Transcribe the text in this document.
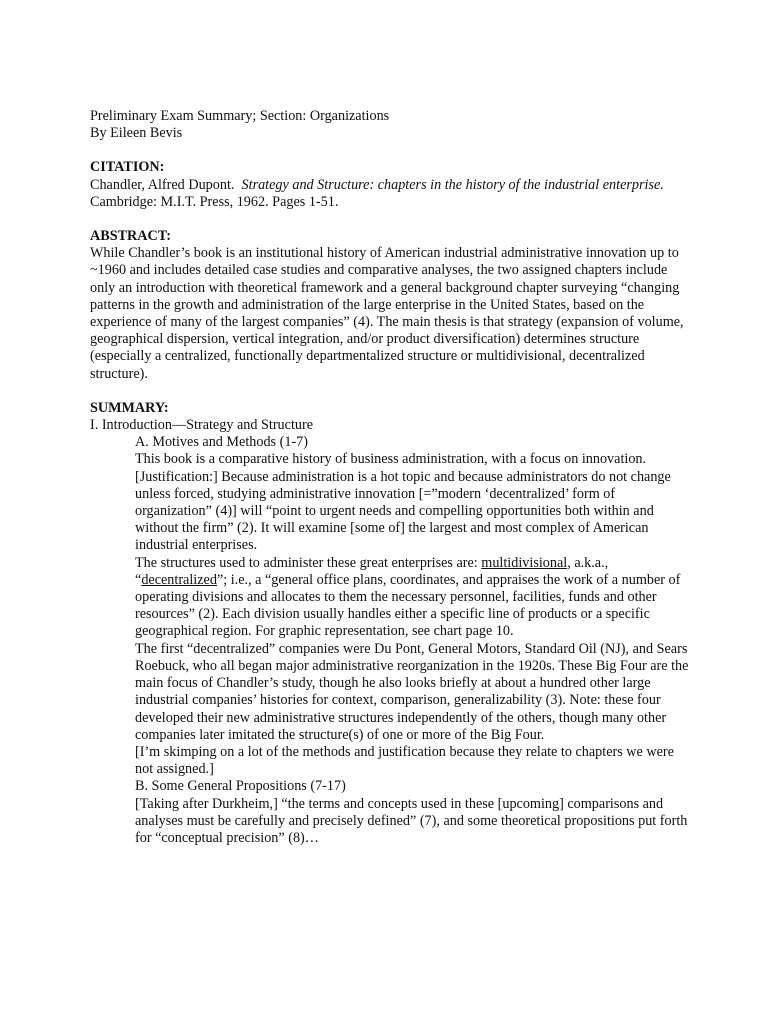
Preliminary Exam Summary; Section: Organizations

By Eileen Bevis

CITATION:

Chandler, Alfred Dupont. Strategy and Structure: chapters in the history of the industrial enterprise.  Cambridge: M.I.T. Press, 1962. Pages 1-51.

ABSTRACT:

While Chandler’s book is an institutional history of American industrial administrative innovation up to ~1960 and includes detailed case studies and comparative analyses, the two assigned chapters include only an introduction with theoretical framework and a general background chapter surveying “changing patterns in the growth and administration of the large enterprise in the United States, based on the experience of many of the largest companies” (4). The main thesis is that strategy (expansion of volume, geographical dispersion, vertical integration, and/or product diversification) determines structure (especially a centralized, functionally departmentalized structure or multidivisional, decentralized structure).

SUMMARY:

I. Introduction—Strategy and Structure

A. Motives and Methods (1-7)

This book is a comparative history of business administration, with a focus on innovation. [Justification:] Because administration is a hot topic and because administrators do not change unless forced, studying administrative innovation [=”modern ‘decentralized’ form of organization” (4)] will “point to urgent needs and compelling opportunities both within and without the firm” (2). It will examine [some of] the largest and most complex of American industrial enterprises.

The structures used to administer these great enterprises are: multidivisional, a.k.a., “decentralized”; i.e., a “general office plans, coordinates, and appraises the work of a number of operating divisions and allocates to them the necessary personnel, facilities, funds and other resources” (2). Each division usually handles either a specific line of products or a specific geographical region. For graphic representation, see chart page 10.

The first “decentralized” companies were Du Pont, General Motors, Standard Oil (NJ), and Sears Roebuck, who all began major administrative reorganization in the 1920s. These Big Four are the main focus of Chandler’s study, though he also looks briefly at about a hundred other large industrial companies’ histories for context, comparison, generalizability (3). Note: these four developed their new administrative structures independently of the others, though many other companies later imitated the structure(s) of one or more of the Big Four.

[I’m skimping on a lot of the methods and justification because they relate to chapters we were not assigned.]

B. Some General Propositions (7-17)

[Taking after Durkheim,] “the terms and concepts used in these [upcoming] comparisons and analyses must be carefully and precisely defined” (7), and some theoretical propositions put forth for “conceptual precision” (8)…
